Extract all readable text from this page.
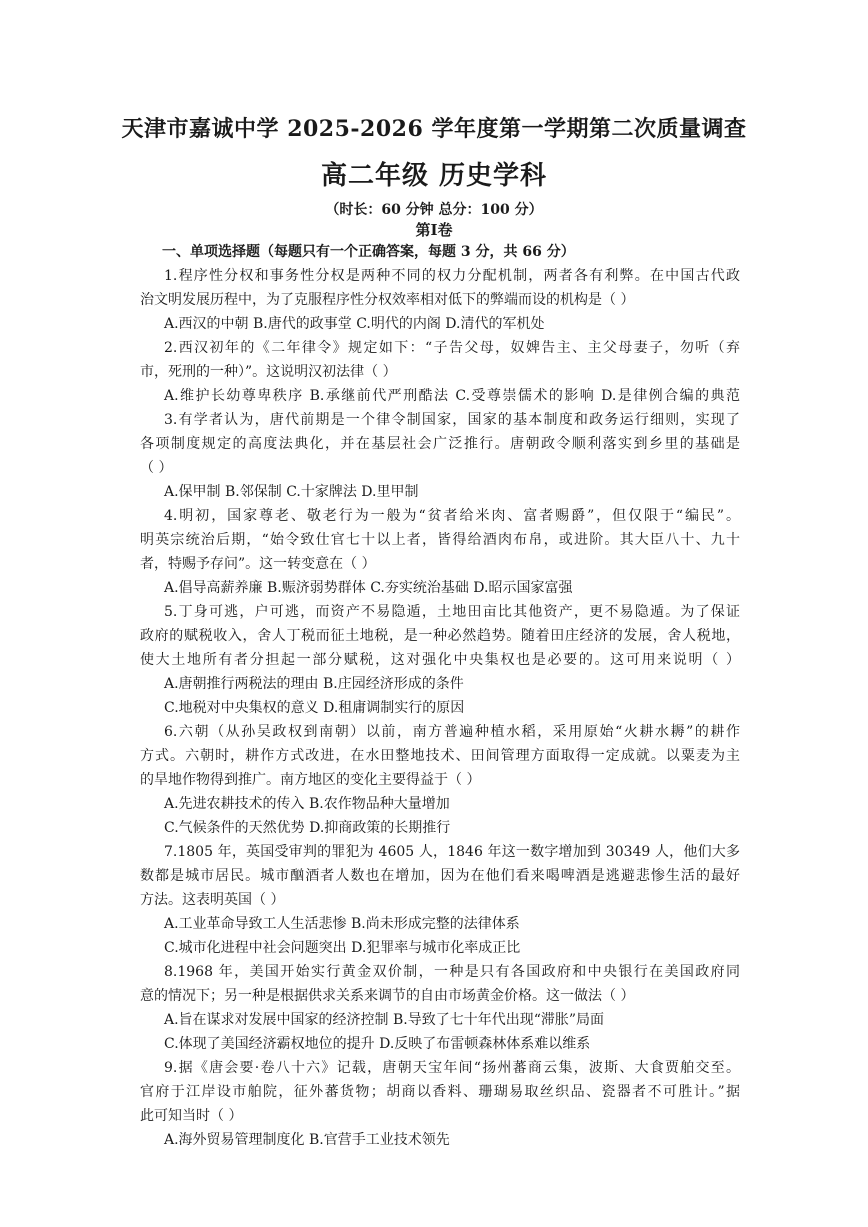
天津市嘉诚中学 2025-2026 学年度第一学期第二次质量调查
高二年级 历史学科
（时长：60 分钟 总分：100 分）
第Ⅰ卷
一、单项选择题（每题只有一个正确答案，每题 3 分，共 66 分）
1.程序性分权和事务性分权是两种不同的权力分配机制，两者各有利弊。在中国古代政
治文明发展历程中，为了克服程序性分权效率相对低下的弊端而设的机构是（ ）
A.西汉的中朝 B.唐代的政事堂 C.明代的内阁 D.清代的军机处
2.西汉初年的《二年律令》规定如下：“子告父母，奴婢告主、主父母妻子，勿听（弃
市，死刑的一种）”。这说明汉初法律（ ）
A.维护长幼尊卑秩序 B.承继前代严刑酷法 C.受尊崇儒术的影响 D.是律例合编的典范
3.有学者认为，唐代前期是一个律令制国家，国家的基本制度和政务运行细则，实现了
各项制度规定的高度法典化，并在基层社会广泛推行。唐朝政令顺利落实到乡里的基础是
（ ）
A.保甲制 B.邻保制 C.十家牌法 D.里甲制
4.明初，国家尊老、敬老行为一般为“贫者给米肉、富者赐爵”，但仅限于“编民”。
明英宗统治后期，“始令致仕官七十以上者，皆得给酒肉布帛，或进阶。其大臣八十、九十
者，特赐予存问”。这一转变意在（ ）
A.倡导高薪养廉 B.赈济弱势群体 C.夯实统治基础 D.昭示国家富强
5.丁身可逃，户可逃，而资产不易隐遁，土地田亩比其他资产，更不易隐遁。为了保证
政府的赋税收入，舍人丁税而征土地税，是一种必然趋势。随着田庄经济的发展，舍人税地，
使大土地所有者分担起一部分赋税，这对强化中央集权也是必要的。这可用来说明（ ）
A.唐朝推行两税法的理由 B.庄园经济形成的条件
C.地税对中央集权的意义 D.租庸调制实行的原因
6.六朝（从孙吴政权到南朝）以前，南方普遍种植水稻，采用原始“火耕水耨”的耕作
方式。六朝时，耕作方式改进，在水田整地技术、田间管理方面取得一定成就。以粟麦为主
的旱地作物得到推广。南方地区的变化主要得益于（ ）
A.先进农耕技术的传入 B.农作物品种大量增加
C.气候条件的天然优势 D.抑商政策的长期推行
7.1805 年，英国受审判的罪犯为 4605 人，1846 年这一数字增加到 30349 人，他们大多
数都是城市居民。城市酗酒者人数也在增加，因为在他们看来喝啤酒是逃避悲惨生活的最好
方法。这表明英国（ ）
A.工业革命导致工人生活悲惨 B.尚未形成完整的法律体系
C.城市化进程中社会问题突出 D.犯罪率与城市化率成正比
8.1968 年，美国开始实行黄金双价制，一种是只有各国政府和中央银行在美国政府同
意的情况下；另一种是根据供求关系来调节的自由市场黄金价格。这一做法（ ）
A.旨在谋求对发展中国家的经济控制 B.导致了七十年代出现“滞胀”局面
C.体现了美国经济霸权地位的提升 D.反映了布雷顿森林体系难以维系
9.据《唐会要·卷八十六》记载，唐朝天宝年间“扬州蕃商云集，波斯、大食贾舶交至。
官府于江岸设市舶院，征外蕃货物；胡商以香料、珊瑚易取丝织品、瓷器者不可胜计。”据
此可知当时（ ）
A.海外贸易管理制度化 B.官营手工业技术领先
